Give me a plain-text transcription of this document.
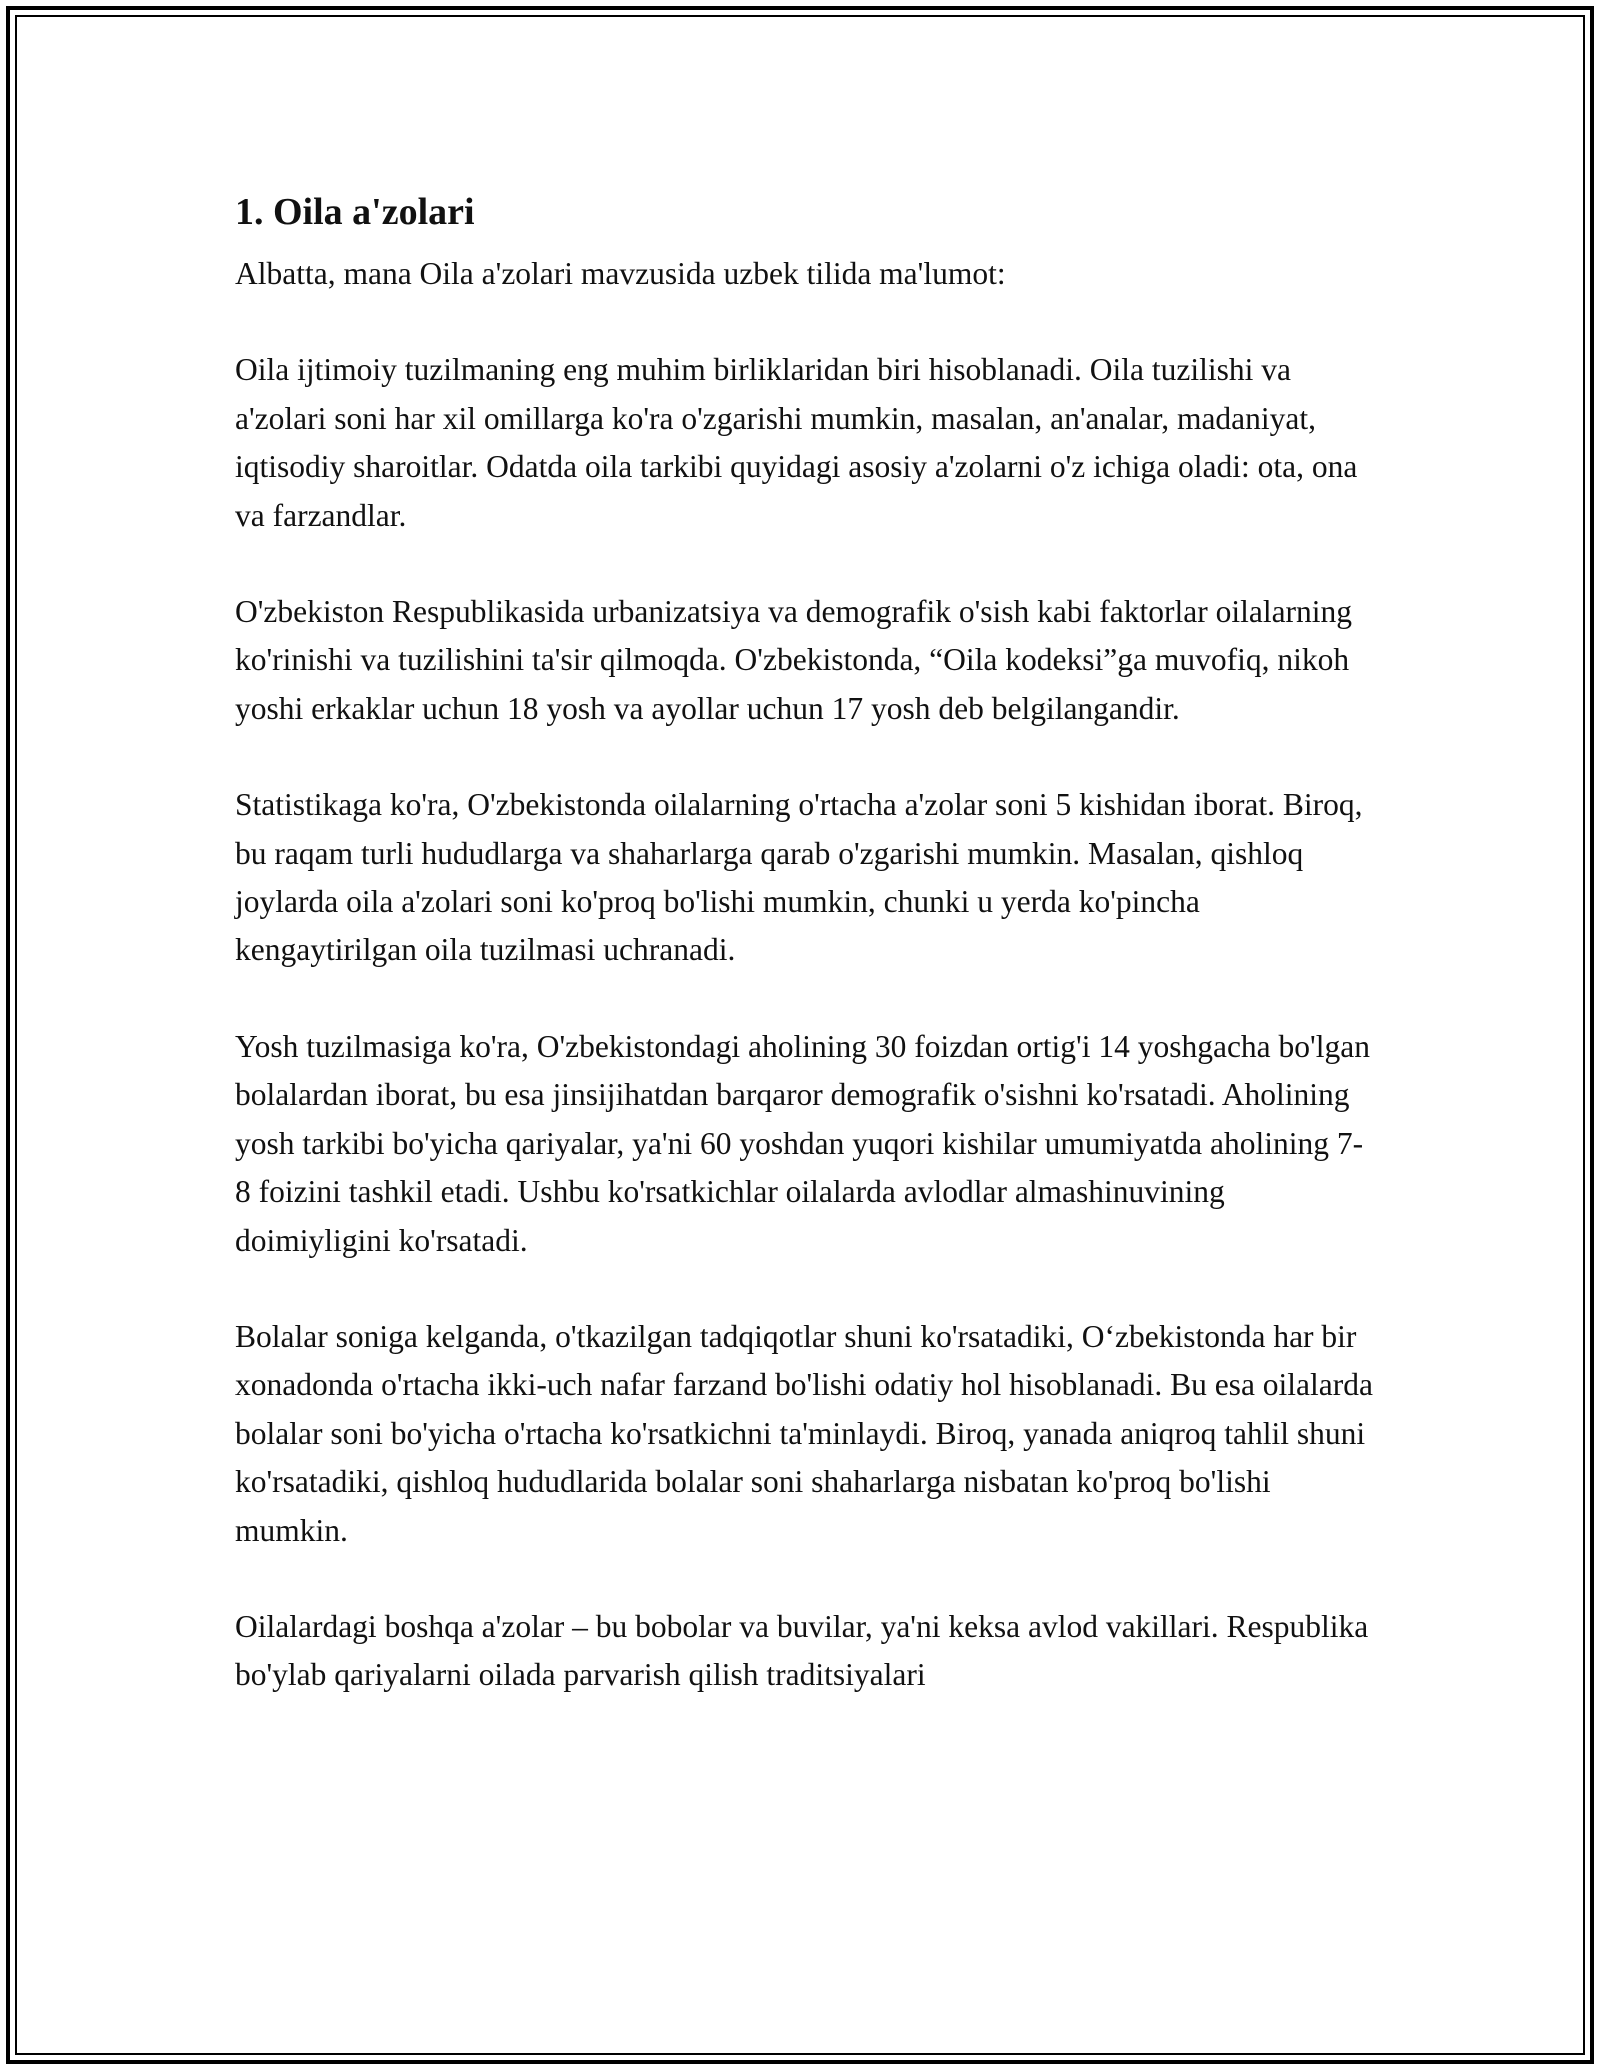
1. Oila a'zolari

Albatta, mana Oila a'zolari mavzusida uzbek tilida ma'lumot:

Oila ijtimoiy tuzilmaning eng muhim birliklaridan biri hisoblanadi. Oila tuzilishi va a'zolari soni har xil omillarga ko'ra o'zgarishi mumkin, masalan, an'analar, madaniyat, iqtisodiy sharoitlar. Odatda oila tarkibi quyidagi asosiy a'zolarni o'z ichiga oladi: ota, ona va farzandlar.

O'zbekiston Respublikasida urbanizatsiya va demografik o'sish kabi faktorlar oilalarning ko'rinishi va tuzilishini ta'sir qilmoqda. O'zbekistonda, “Oila kodeksi”ga muvofiq, nikoh yoshi erkaklar uchun 18 yosh va ayollar uchun 17 yosh deb belgilangandir.

Statistikaga ko'ra, O'zbekistonda oilalarning o'rtacha a'zolar soni 5 kishidan iborat. Biroq, bu raqam turli hududlarga va shaharlarga qarab o'zgarishi mumkin. Masalan, qishloq joylarda oila a'zolari soni ko'proq bo'lishi mumkin, chunki u yerda ko'pincha kengaytirilgan oila tuzilmasi uchranadi.

Yosh tuzilmasiga ko'ra, O'zbekistondagi aholining 30 foizdan ortig'i 14 yoshgacha bo'lgan bolalardan iborat, bu esa jinsijihatdan barqaror demografik o'sishni ko'rsatadi. Aholining yosh tarkibi bo'yicha qariyalar, ya'ni 60 yoshdan yuqori kishilar umumiyatda aholining 7-8 foizini tashkil etadi. Ushbu ko'rsatkichlar oilalarda avlodlar almashinuvining doimiyligini ko'rsatadi.

Bolalar soniga kelganda, o'tkazilgan tadqiqotlar shuni ko'rsatadiki, O‘zbekistonda har bir xonadonda o'rtacha ikki-uch nafar farzand bo'lishi odatiy hol hisoblanadi. Bu esa oilalarda bolalar soni bo'yicha o'rtacha ko'rsatkichni ta'minlaydi. Biroq, yanada aniqroq tahlil shuni ko'rsatadiki, qishloq hududlarida bolalar soni shaharlarga nisbatan ko'proq bo'lishi mumkin.

Oilalardagi boshqa a'zolar – bu bobolar va buvilar, ya'ni keksa avlod vakillari. Respublika bo'ylab qariyalarni oilada parvarish qilish traditsiyalari
